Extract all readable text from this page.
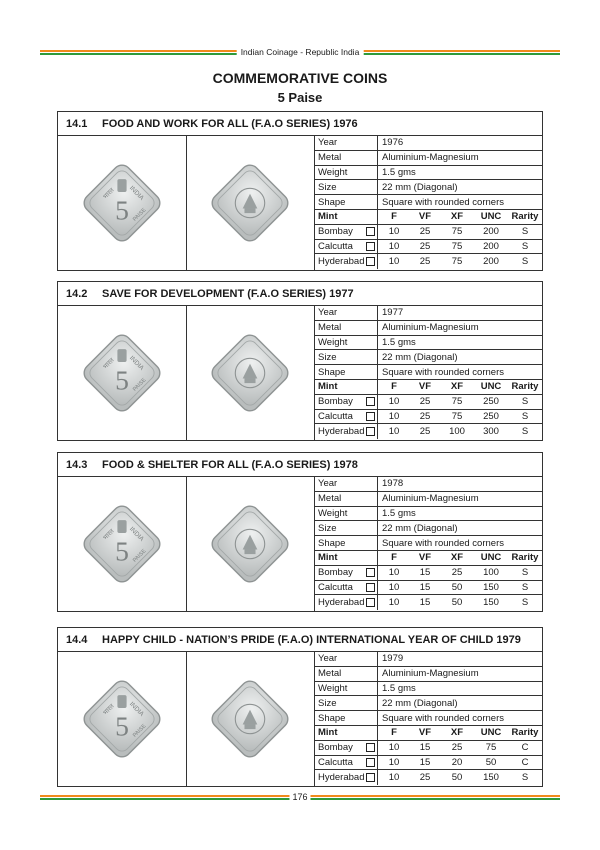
Indian Coinage - Republic India
COMMEMORATIVE COINS
5 Paise
14.1	FOOD AND WORK FOR ALL (F.A.O SERIES) 1976
5
भारत INDIA
PAISE
Year	1976
Metal	Aluminium-Magnesium
Weight	1.5 gms
Size	22 mm (Diagonal)
Shape	Square with rounded corners
Mint	F	VF	XF	UNC	Rarity
Bombay	10	25	75	200	S
Calcutta	10	25	75	200	S
Hyderabad	10	25	75	200	S
14.2	SAVE FOR DEVELOPMENT (F.A.O SERIES) 1977
5
भारत INDIA
PAISE
Year	1977
Metal	Aluminium-Magnesium
Weight	1.5 gms
Size	22 mm (Diagonal)
Shape	Square with rounded corners
Mint	F	VF	XF	UNC	Rarity
Bombay	10	25	75	250	S
Calcutta	10	25	75	250	S
Hyderabad	10	25	100	300	S
14.3	FOOD & SHELTER FOR ALL (F.A.O SERIES) 1978
5
भारत INDIA
PAISE
Year	1978
Metal	Aluminium-Magnesium
Weight	1.5 gms
Size	22 mm (Diagonal)
Shape	Square with rounded corners
Mint	F	VF	XF	UNC	Rarity
Bombay	10	15	25	100	S
Calcutta	10	15	50	150	S
Hyderabad	10	15	50	150	S
14.4	HAPPY CHILD - NATION’S PRIDE (F.A.O) INTERNATIONAL YEAR OF CHILD 1979
5
भारत INDIA
PAISE
Year	1979
Metal	Aluminium-Magnesium
Weight	1.5 gms
Size	22 mm (Diagonal)
Shape	Square with rounded corners
Mint	F	VF	XF	UNC	Rarity
Bombay	10	15	25	75	C
Calcutta	10	15	20	50	C
Hyderabad	10	25	50	150	S
176
